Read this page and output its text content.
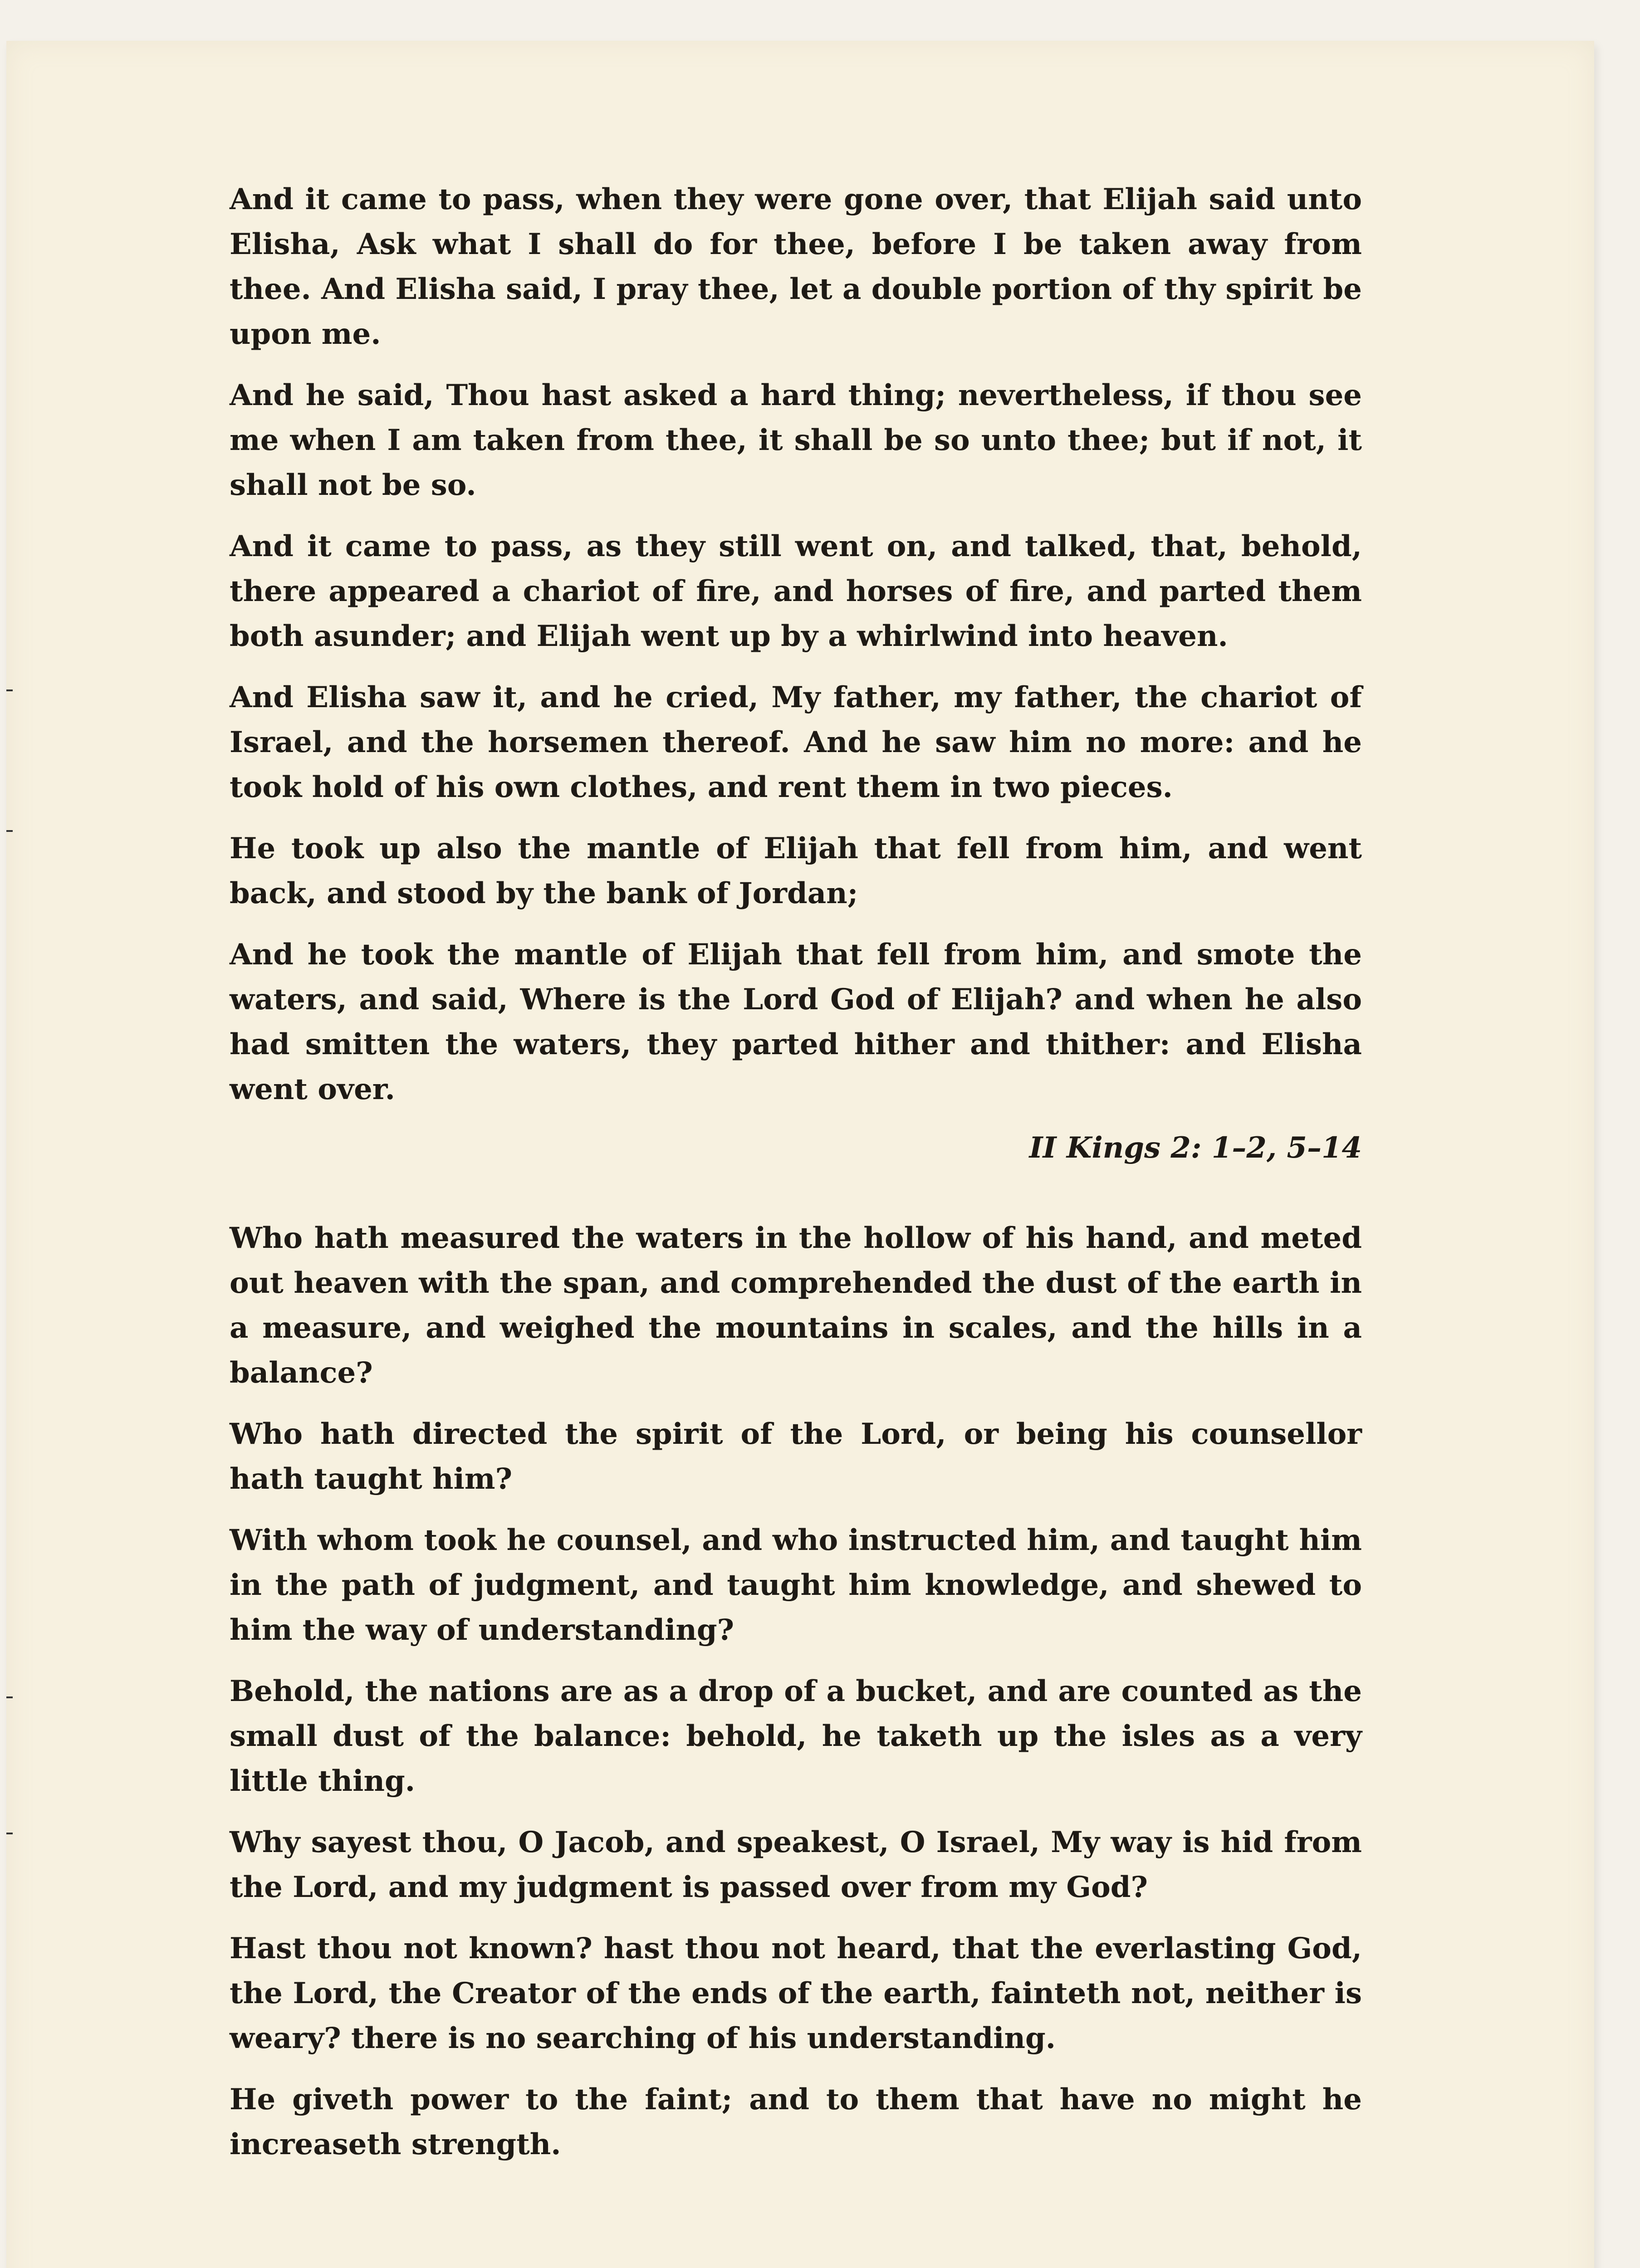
And it came to pass, when they were gone over, that Elijah said unto Elisha, Ask what I shall do for thee, before I be taken away from thee. And Elisha said, I pray thee, let a double portion of thy spirit be upon me.

And he said, Thou hast asked a hard thing; nevertheless, if thou see me when I am taken from thee, it shall be so unto thee; but if not, it shall not be so.

And it came to pass, as they still went on, and talked, that, behold, there appeared a chariot of fire, and horses of fire, and parted them both asunder; and Elijah went up by a whirlwind into heaven.

And Elisha saw it, and he cried, My father, my father, the chariot of Israel, and the horsemen thereof. And he saw him no more: and he took hold of his own clothes, and rent them in two pieces.

He took up also the mantle of Elijah that fell from him, and went back, and stood by the bank of Jordan;

And he took the mantle of Elijah that fell from him, and smote the waters, and said, Where is the Lord God of Elijah? and when he also had smitten the waters, they parted hither and thither: and Elisha went over.

II Kings 2: 1–2, 5–14

Who hath measured the waters in the hollow of his hand, and meted out heaven with the span, and comprehended the dust of the earth in a measure, and weighed the mountains in scales, and the hills in a balance?

Who hath directed the spirit of the Lord, or being his counsellor hath taught him?

With whom took he counsel, and who instructed him, and taught him in the path of judgment, and taught him knowledge, and shewed to him the way of understanding?

Behold, the nations are as a drop of a bucket, and are counted as the small dust of the balance: behold, he taketh up the isles as a very little thing.

Why sayest thou, O Jacob, and speakest, O Israel, My way is hid from the Lord, and my judgment is passed over from my God?

Hast thou not known? hast thou not heard, that the everlasting God, the Lord, the Creator of the ends of the earth, fainteth not, neither is weary? there is no searching of his understanding.

He giveth power to the faint; and to them that have no might he increaseth strength.
